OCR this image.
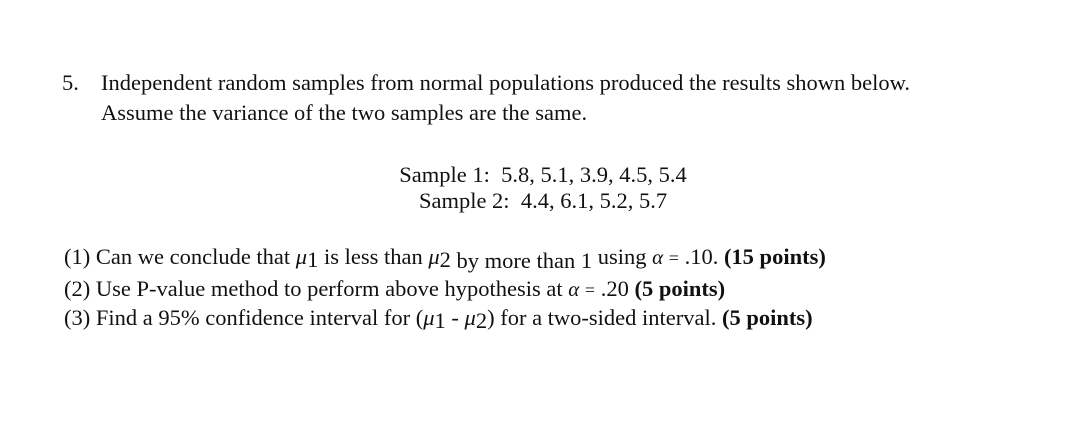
5. Independent random samples from normal populations produced the results shown below.
Assume the variance of the two samples are the same.
Sample 1: 5.8, 5.1, 3.9, 4.5, 5.4
Sample 2: 4.4, 6.1, 5.2, 5.7
(1) Can we conclude that μ1 is less than μ2 by more than 1 using α = .10. (15 points)
(2) Use P-value method to perform above hypothesis at α = .20 (5 points)
(3) Find a 95% confidence interval for (μ1 - μ2) for a two-sided interval. (5 points)
